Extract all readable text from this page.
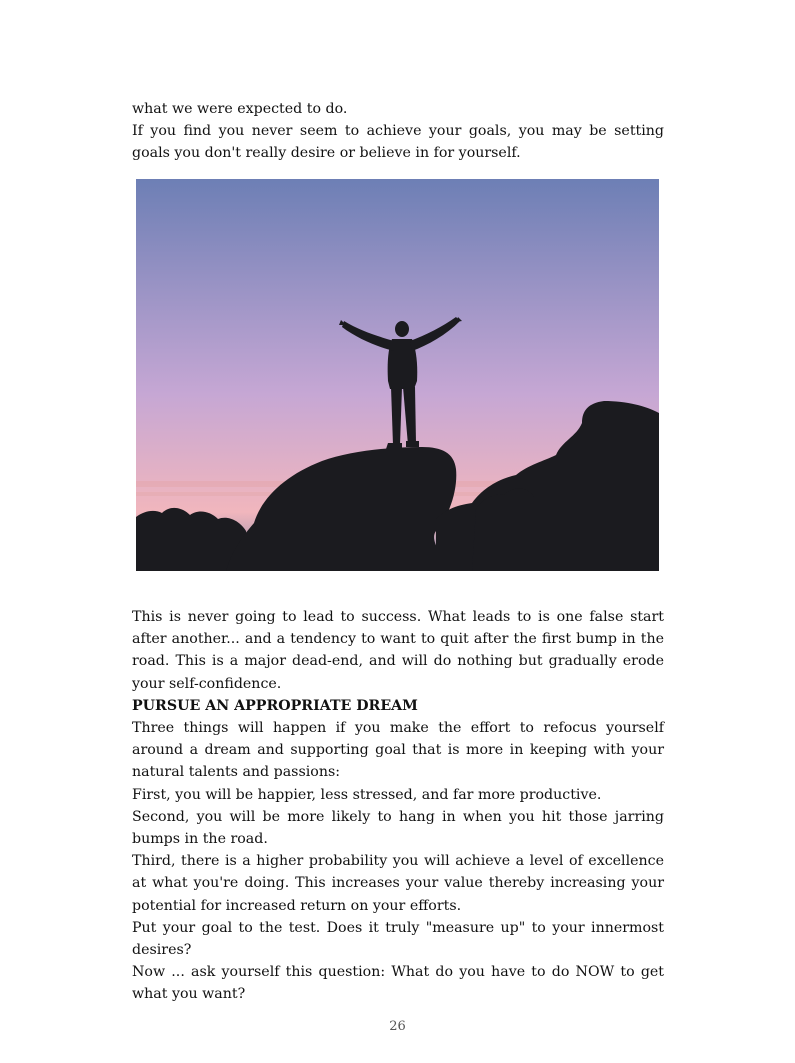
what we were expected to do.

If you find you never seem to achieve your goals, you may be setting goals you don't really desire or believe in for yourself.

This is never going to lead to success. What leads to is one false start after another... and a tendency to want to quit after the first bump in the road. This is a major dead-end, and will do nothing but gradually erode your self-confidence.

PURSUE AN APPROPRIATE DREAM

Three things will happen if you make the effort to refocus yourself around a dream and supporting goal that is more in keeping with your natural talents and passions:

First, you will be happier, less stressed, and far more productive.

Second, you will be more likely to hang in when you hit those jarring bumps in the road.

Third, there is a higher probability you will achieve a level of excellence at what you're doing. This increases your value thereby increasing your potential for increased return on your efforts.

Put your goal to the test. Does it truly "measure up" to your innermost desires?

Now ... ask yourself this question: What do you have to do NOW to get what you want?

26
